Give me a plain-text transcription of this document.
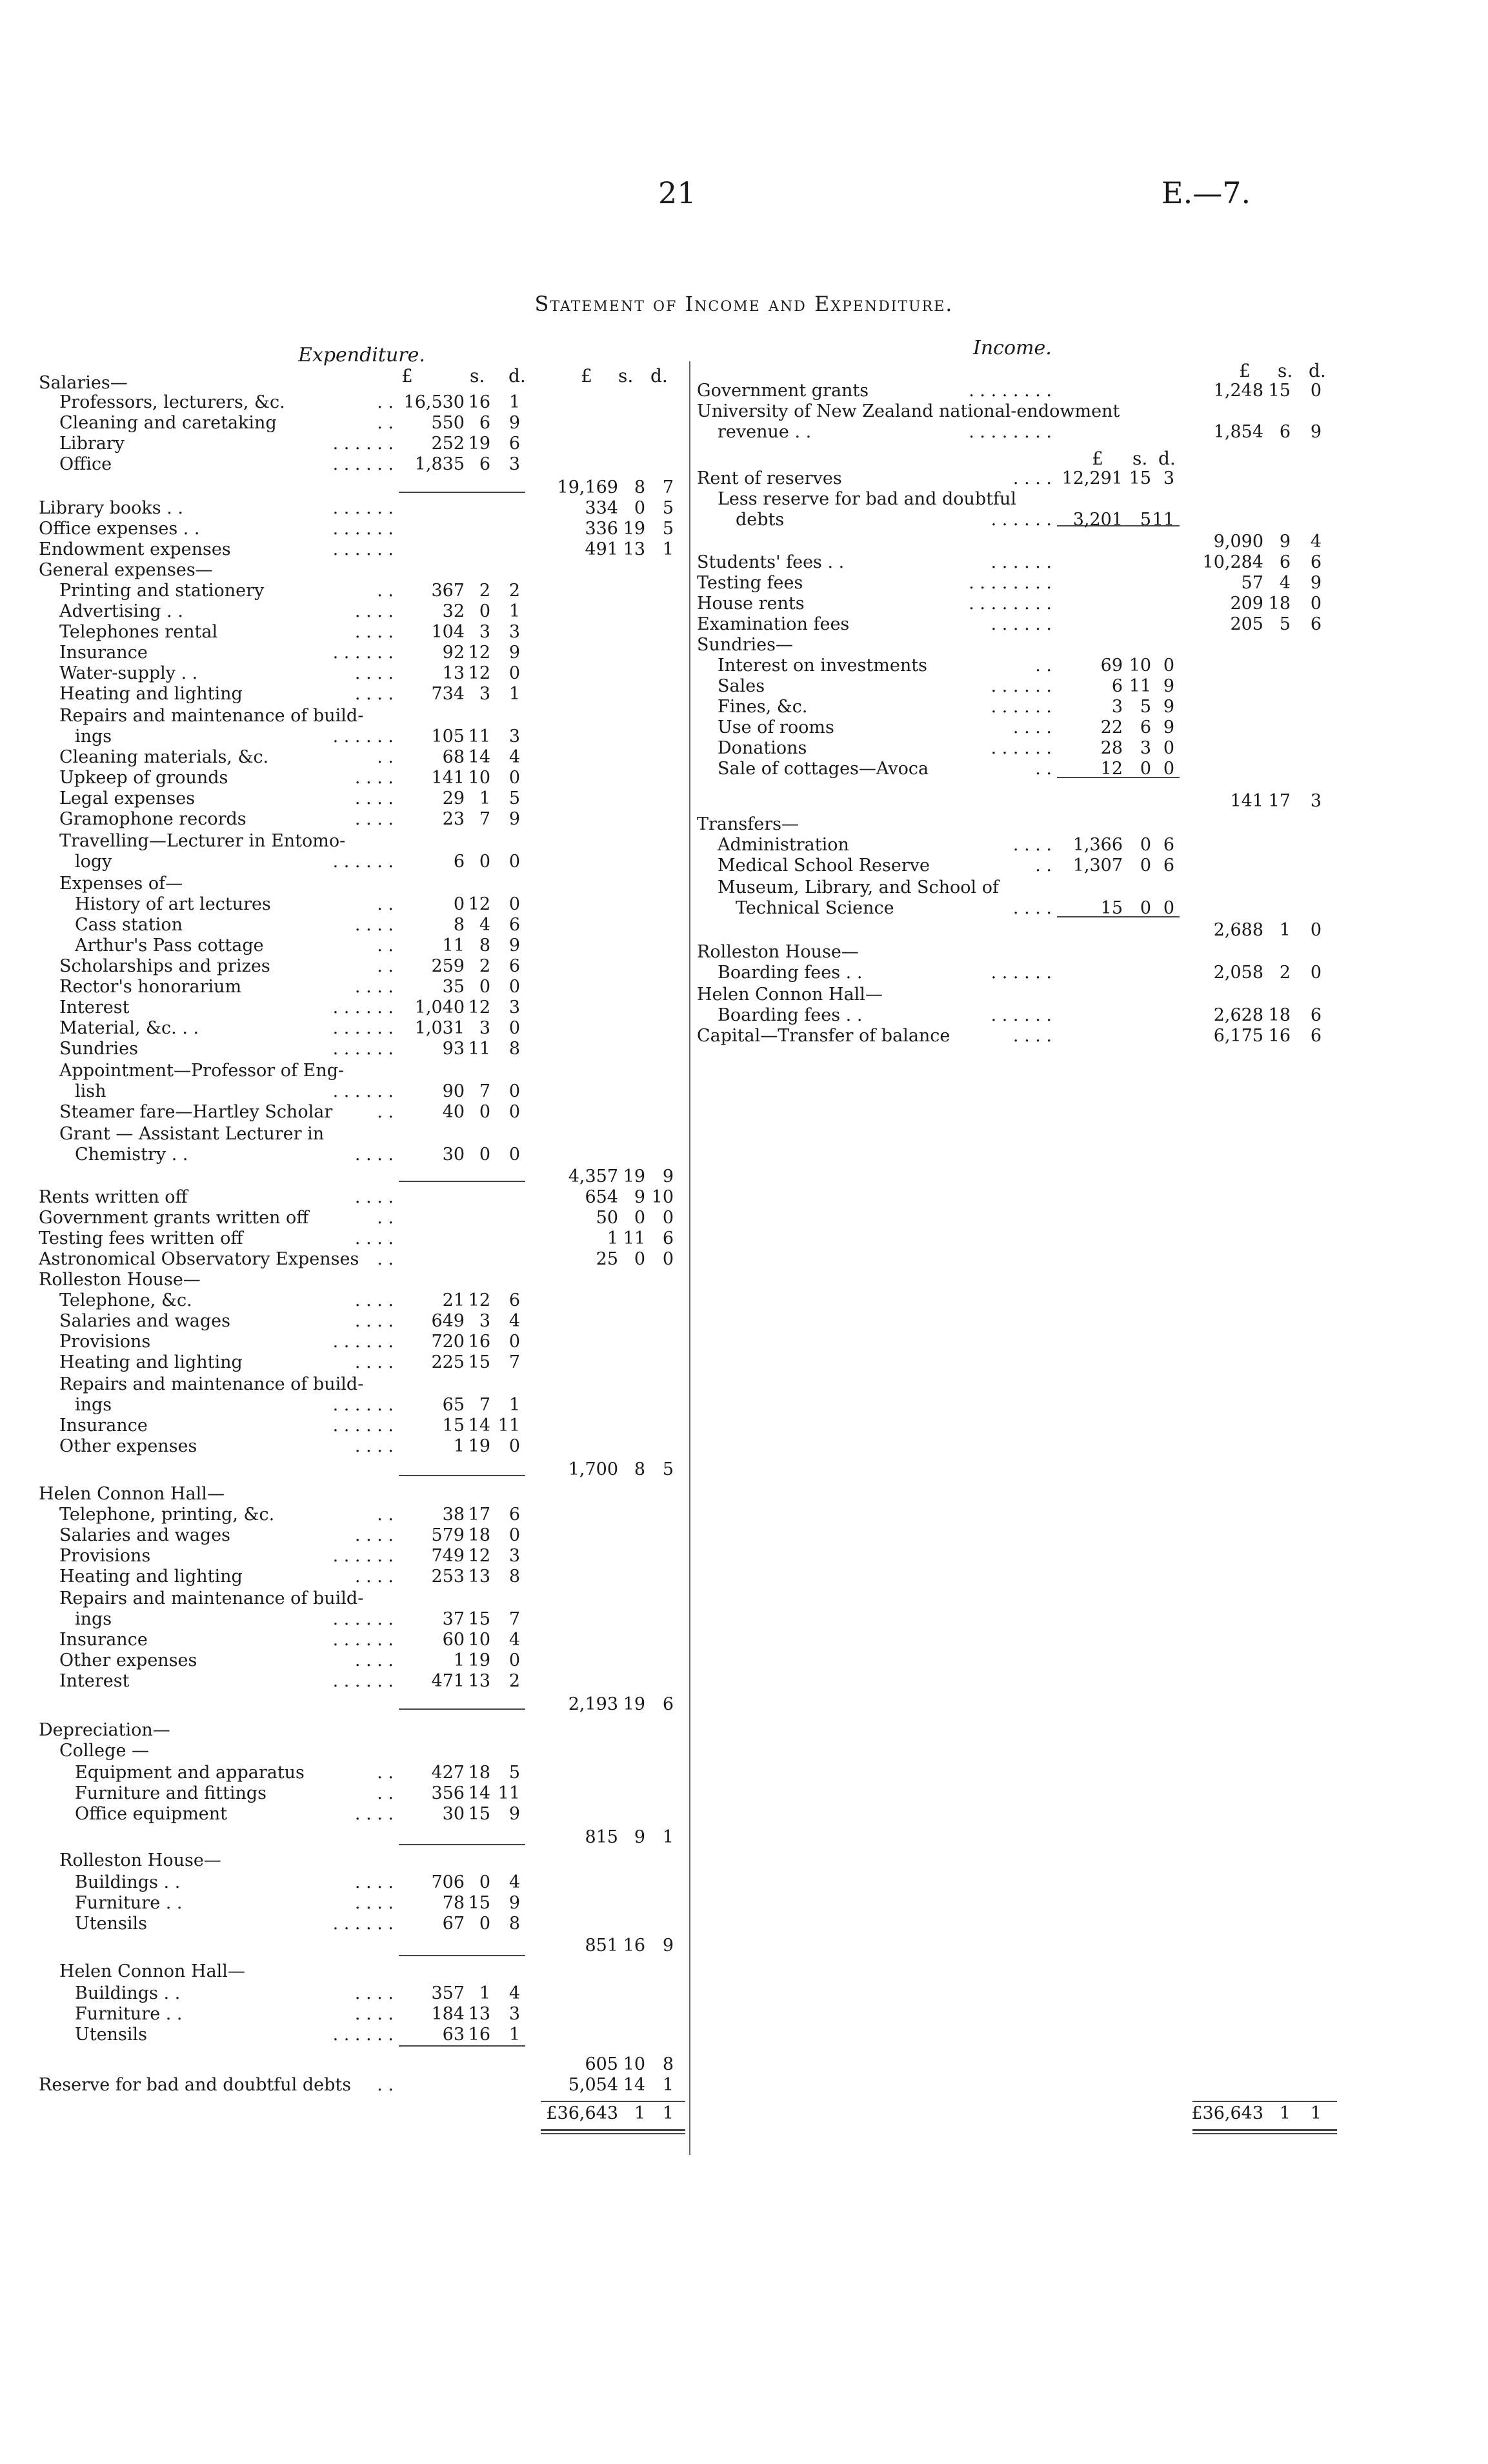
21	E.—7.
Statement of Income and Expenditure.
Expenditure.	Income.
£	s. d.	£ s. d.
£ s. d.
£ s. d.
Salaries—
Professors, lecturers, &c.	. . 16,530 16 1
Cleaning and caretaking	. . 550 6 9
Library	. . . . . . 252 19 6
Office	. . . . . . 1,835 6 3
19,169 8 7
Library books . .	. . . . . .	334 0 5
Office expenses . .	. . . . . .	336 19 5
Endowment expenses	. . . . . .	491 13 1
General expenses—
Printing and stationery	. . 367 2 2
Advertising . .	. . . .	32 0 1
Telephones rental	. . . . 104 3 3
Insurance	. . . . . .	92 12 9
Water-supply . .	. . . .	13 12 0
Heating and lighting	. . . . 734 3 1
Repairs and maintenance of build-
ings	. . . . . . 105 11 3
Cleaning materials, &c.	. .	68 14 4
Upkeep of grounds	. . . . 141 10 0
Legal expenses	. . . .	29 1 5
Gramophone records	. . . .	23 7 9
Travelling—Lecturer in Entomo-
logy	. . . . . .	6 0 0
Expenses of—
History of art lectures	. .	0 12 0
Cass station	. . . .	8 4 6
Arthur's Pass cottage	. .	11 8 9
Scholarships and prizes	. . 259 2 6
Rector's honorarium	. . . .	35 0 0
Interest	. . . . . . 1,040 12 3
Material, &c. . .	. . . . . . 1,031 3 0
Sundries	. . . . . .	93 11 8
Appointment—Professor of Eng-
lish	. . . . . .	90 7 0
Steamer fare—Hartley Scholar	. .	40 0 0
Grant — Assistant Lecturer in
Chemistry . .	. . . .	30 0 0
4,357 19 9
Rents written off	. . . .	654 9 10
Government grants written off	. .	50 0 0
Testing fees written off	. . . .	1 11 6
Astronomical Observatory Expenses . .	25 0 0
Rolleston House—
Telephone, &c.	. . . .	21 12 6
Salaries and wages	. . . . 649 3 4
Provisions	. . . . . . 720 16 0
Heating and lighting	. . . . 225 15 7
Repairs and maintenance of build-
ings	. . . . . .	65 7 1
Insurance	. . . . . .	15 14 11
Other expenses	. . . .	1 19 0
1,700 8 5
Helen Connon Hall—
Telephone, printing, &c.	. .	38 17 6
Salaries and wages	. . . . 579 18 0
Provisions	. . . . . . 749 12 3
Heating and lighting	. . . . 253 13 8
Repairs and maintenance of build-
ings	. . . . . .	37 15 7
Insurance	. . . . . .	60 10 4
Other expenses	. . . .	1 19 0
Interest	. . . . . . 471 13 2
2,193 19 6
Depreciation—
College —
Equipment and apparatus	. . 427 18 5
Furniture and fittings	. . 356 14 11
Office equipment	. . . .	30 15 9
815 9 1
Rolleston House—
Buildings . .	. . . . 706 0 4
Furniture . .	. . . .	78 15 9
Utensils	. . . . . .	67 0 8
851 16 9
Helen Connon Hall—
Buildings . .	. . . . 357 1 4
Furniture . .	. . . . 184 13 3
Utensils	. . . . . .	63 16 1
605 10 8
Reserve for bad and doubtful debts . .	5,054 14 1
£36,643 1 1
Government grants	. . . . . . . .	1,248 15 0
University of New Zealand national-endowment
revenue . .	. . . . . . . .	1,854 6 9
Rent of reserves	. . . . 12,291 15 3
Less reserve for bad and doubtful
debts	. . . . . . 3,201 5 11
9,090 9 4
Students' fees . .	. . . . . .	10,284 6 6
Testing fees	. . . . . . . .	57 4 9
House rents	. . . . . . . .	209 18 0
Examination fees	. . . . . .	205 5 6
Sundries—
Interest on investments	. .	69 10 0
Sales	. . . . . .	6 11 9
Fines, &c.	. . . . . .	3 5 9
Use of rooms	. . . .	22 6 9
Donations	. . . . . .	28 3 0
Sale of cottages—Avoca	. .	12 0 0
141 17 3
Transfers—
Administration	. . . . 1,366 0 6
Medical School Reserve	. . 1,307 0 6
Museum, Library, and School of
Technical Science	. . . .	15 0 0
2,688 1 0
Rolleston House—
Boarding fees . .	. . . . . .	2,058 2 0
Helen Connon Hall—
Boarding fees . .	. . . . . .	2,628 18 6
Capital—Transfer of balance	. . . .	6,175 16 6
£36,643 1 1
